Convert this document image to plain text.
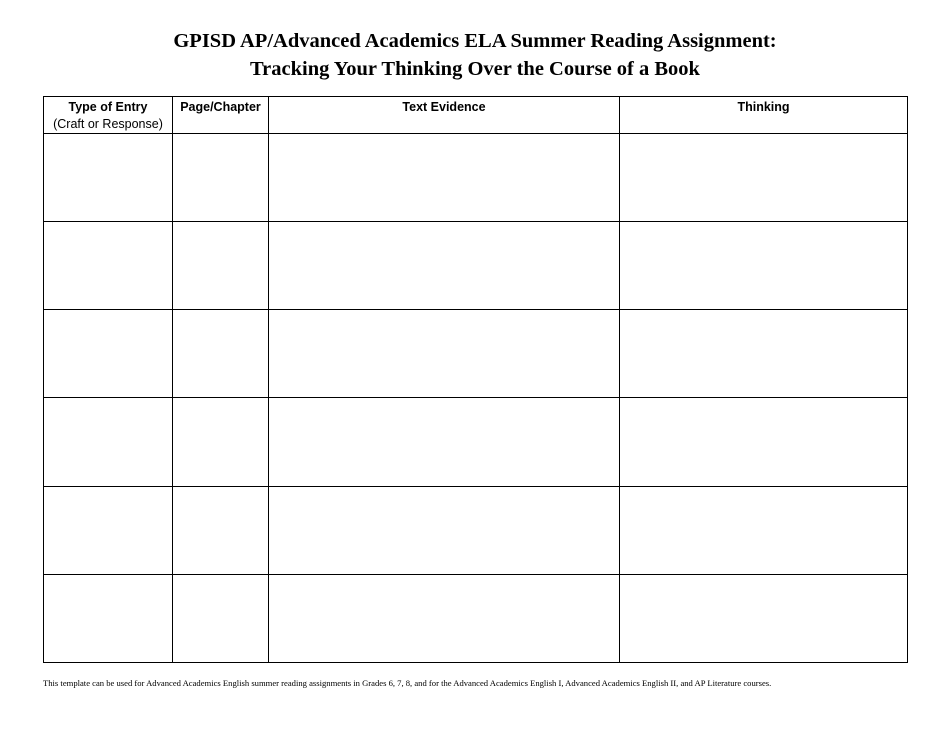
GPISD AP/Advanced Academics ELA Summer Reading Assignment:
Tracking Your Thinking Over the Course of a Book
Type of Entry
(Craft or Response)	Page/Chapter	Text Evidence	Thinking

This template can be used for Advanced Academics English summer reading assignments in Grades 6, 7, 8, and for the Advanced Academics English I, Advanced Academics English II, and AP Literature courses.
